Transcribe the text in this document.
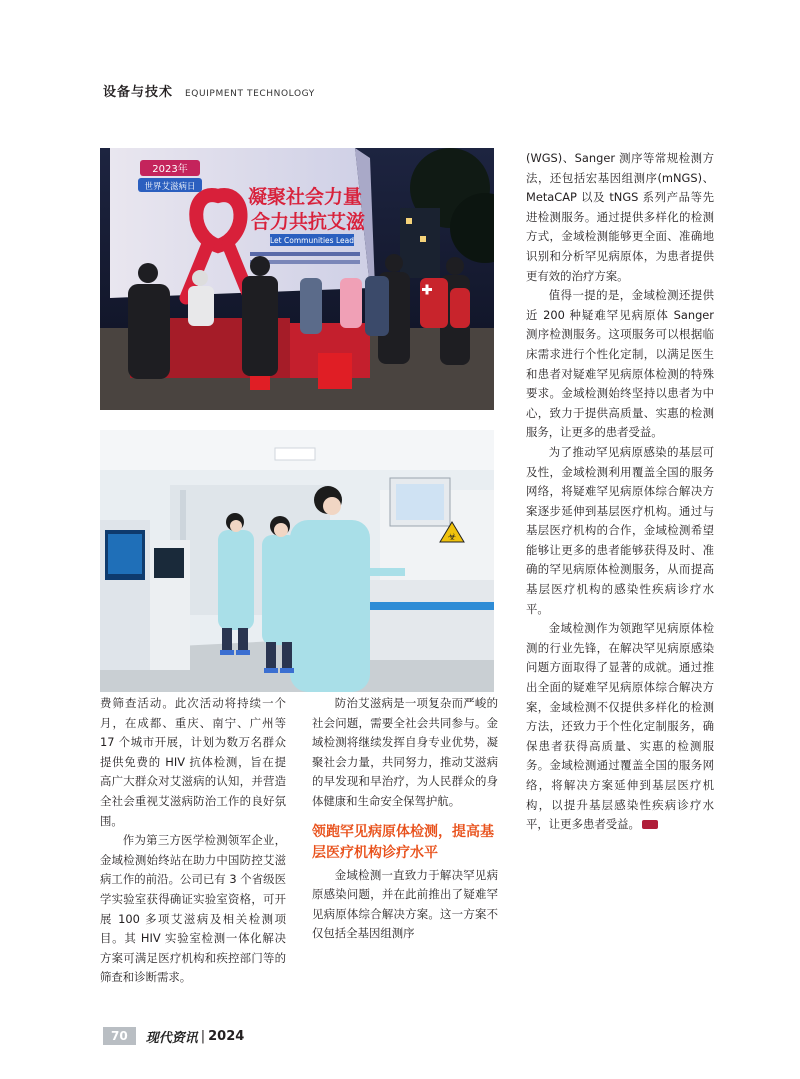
设备与技术 EQUIPMENT TECHNOLOGY
2023年
世界艾滋病日	凝聚社会力量
合力共抗艾滋
Let Communities Lead
☣

费筛查活动。此次活动将持续一个月，在成都、重庆、南宁、广州等 17 个城市开展，计划为数万名群众提供免费的 HIV 抗体检测，旨在提高广大群众对艾滋病的认知，并营造全社会重视艾滋病防治工作的良好氛围。

作为第三方医学检测领军企业，金域检测始终站在助力中国防控艾滋病工作的前沿。公司已有 3 个省级医学实验室获得确证实验室资格，可开展 100 多项艾滋病及相关检测项目。其 HIV 实验室检测一体化解决方案可满足医疗机构和疾控部门等的筛查和诊断需求。

防治艾滋病是一项复杂而严峻的社会问题，需要全社会共同参与。金域检测将继续发挥自身专业优势，凝聚社会力量，共同努力，推动艾滋病的早发现和早治疗，为人民群众的身体健康和生命安全保驾护航。

领跑罕见病原体检测，提高基层医疗机构诊疗水平

金域检测一直致力于解决罕见病原感染问题，并在此前推出了疑难罕见病原体综合解决方案。这一方案不仅包括全基因组测序

(WGS)、Sanger 测序等常规检测方法，还包括宏基因组测序(mNGS)、MetaCAP 以及 tNGS 系列产品等先进检测服务。通过提供多样化的检测方式，金域检测能够更全面、准确地识别和分析罕见病原体，为患者提供更有效的治疗方案。

值得一提的是，金域检测还提供近 200 种疑难罕见病原体 Sanger 测序检测服务。这项服务可以根据临床需求进行个性化定制，以满足医生和患者对疑难罕见病原体检测的特殊要求。金域检测始终坚持以患者为中心，致力于提供高质量、实惠的检测服务，让更多的患者受益。

为了推动罕见病原感染的基层可及性，金域检测利用覆盖全国的服务网络，将疑难罕见病原体综合解决方案逐步延伸到基层医疗机构。通过与基层医疗机构的合作，金域检测希望能够让更多的患者能够获得及时、准确的罕见病原体检测服务，从而提高基层医疗机构的感染性疾病诊疗水平。

金域检测作为领跑罕见病原体检测的行业先锋，在解决罕见病原感染问题方面取得了显著的成就。通过推出全面的疑难罕见病原体综合解决方案，金域检测不仅提供多样化的检测方法，还致力于个性化定制服务，确保患者获得高质量、实惠的检测服务。金域检测通过覆盖全国的服务网络，将解决方案延伸到基层医疗机构，以提升基层感染性疾病诊疗水平，让更多患者受益。

70	现代资讯 | 2024
